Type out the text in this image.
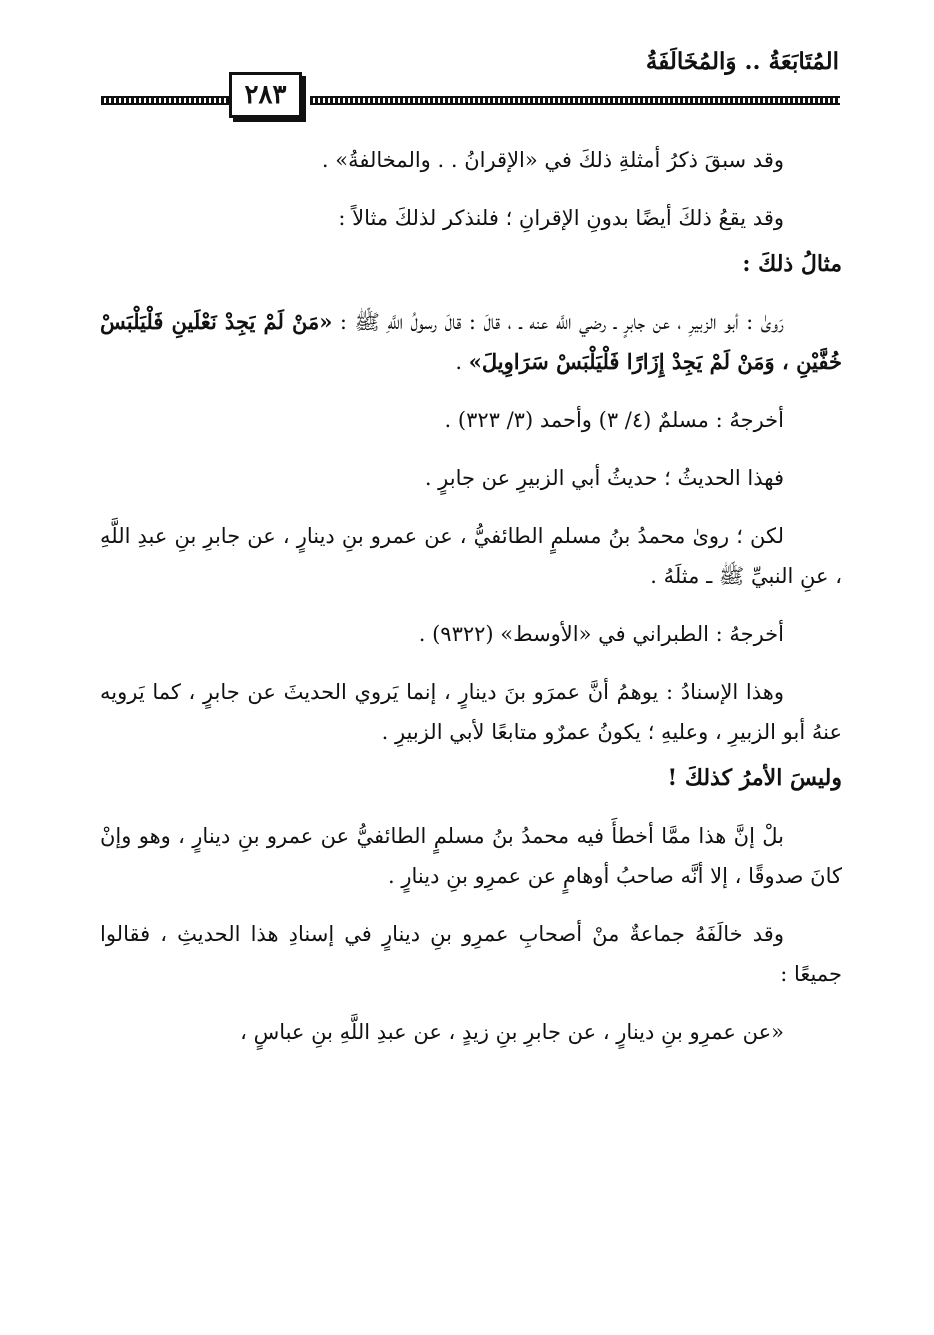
المُتَابَعَةُ .. وَالمُخَالَفَةُ
٢٨٣

وقد سبقَ ذكرُ أمثلةِ ذلكَ في «الإقرانُ . . والمخالفةُ» .

وقد يقعُ ذلكَ أيضًا بدونِ الإقرانِ ؛ فلنذكر لذلكَ مثالاً :

مثالُ ذلكَ :

رَوىٰ : أبو الزبيرِ ، عن جابرٍ ـ رضي اللَّه عنه ـ ، قالَ : قالَ رسولُ اللَّهِ ﷺ : «مَنْ لَمْ يَجِدْ نَعْلَينِ فَلْيَلْبَسْ خُفَّيْنِ ، وَمَنْ لَمْ يَجِدْ إِزَارًا فَلْيَلْبَسْ سَرَاوِيلَ» .

أخرجهُ : مسلمٌ (٤/ ٣) وأحمد (٣/ ٣٢٣) .

فهذا الحديثُ ؛ حديثُ أبي الزبيرِ عن جابرٍ .

لكن ؛ روىٰ محمدُ بنُ مسلمٍ الطائفيُّ ، عن عمرو بنِ دينارٍ ، عن جابرِ بنِ عبدِ اللَّهِ ، عنِ النبيِّ ﷺ ـ مثلَهُ .

أخرجهُ : الطبراني في «الأوسط» (٩٣٢٢) .

وهذا الإسنادُ : يوهمُ أنَّ عمرَو بنَ دينارٍ ، إنما يَروي الحديثَ عن جابرٍ ، كما يَرويه عنهُ أبو الزبيرِ ، وعليهِ ؛ يكونُ عمرٌو متابعًا لأبي الزبيرِ .

وليسَ الأمرُ كذلكَ !

بلْ إنَّ هذا ممَّا أخطأَ فيه محمدُ بنُ مسلمٍ الطائفيُّ عن عمرو بنِ دينارٍ ، وهو وإنْ كانَ صدوقًا ، إلا أنَّه صاحبُ أوهامٍ عن عمرِو بنِ دينارٍ .

وقد خالَفَهُ جماعةٌ منْ أصحابِ عمرِو بنِ دينارٍ في إسنادِ هذا الحديثِ ، فقالوا جميعًا :

«عن عمرِو بنِ دينارٍ ، عن جابرِ بنِ زيدٍ ، عن عبدِ اللَّهِ بنِ عباسٍ ،
